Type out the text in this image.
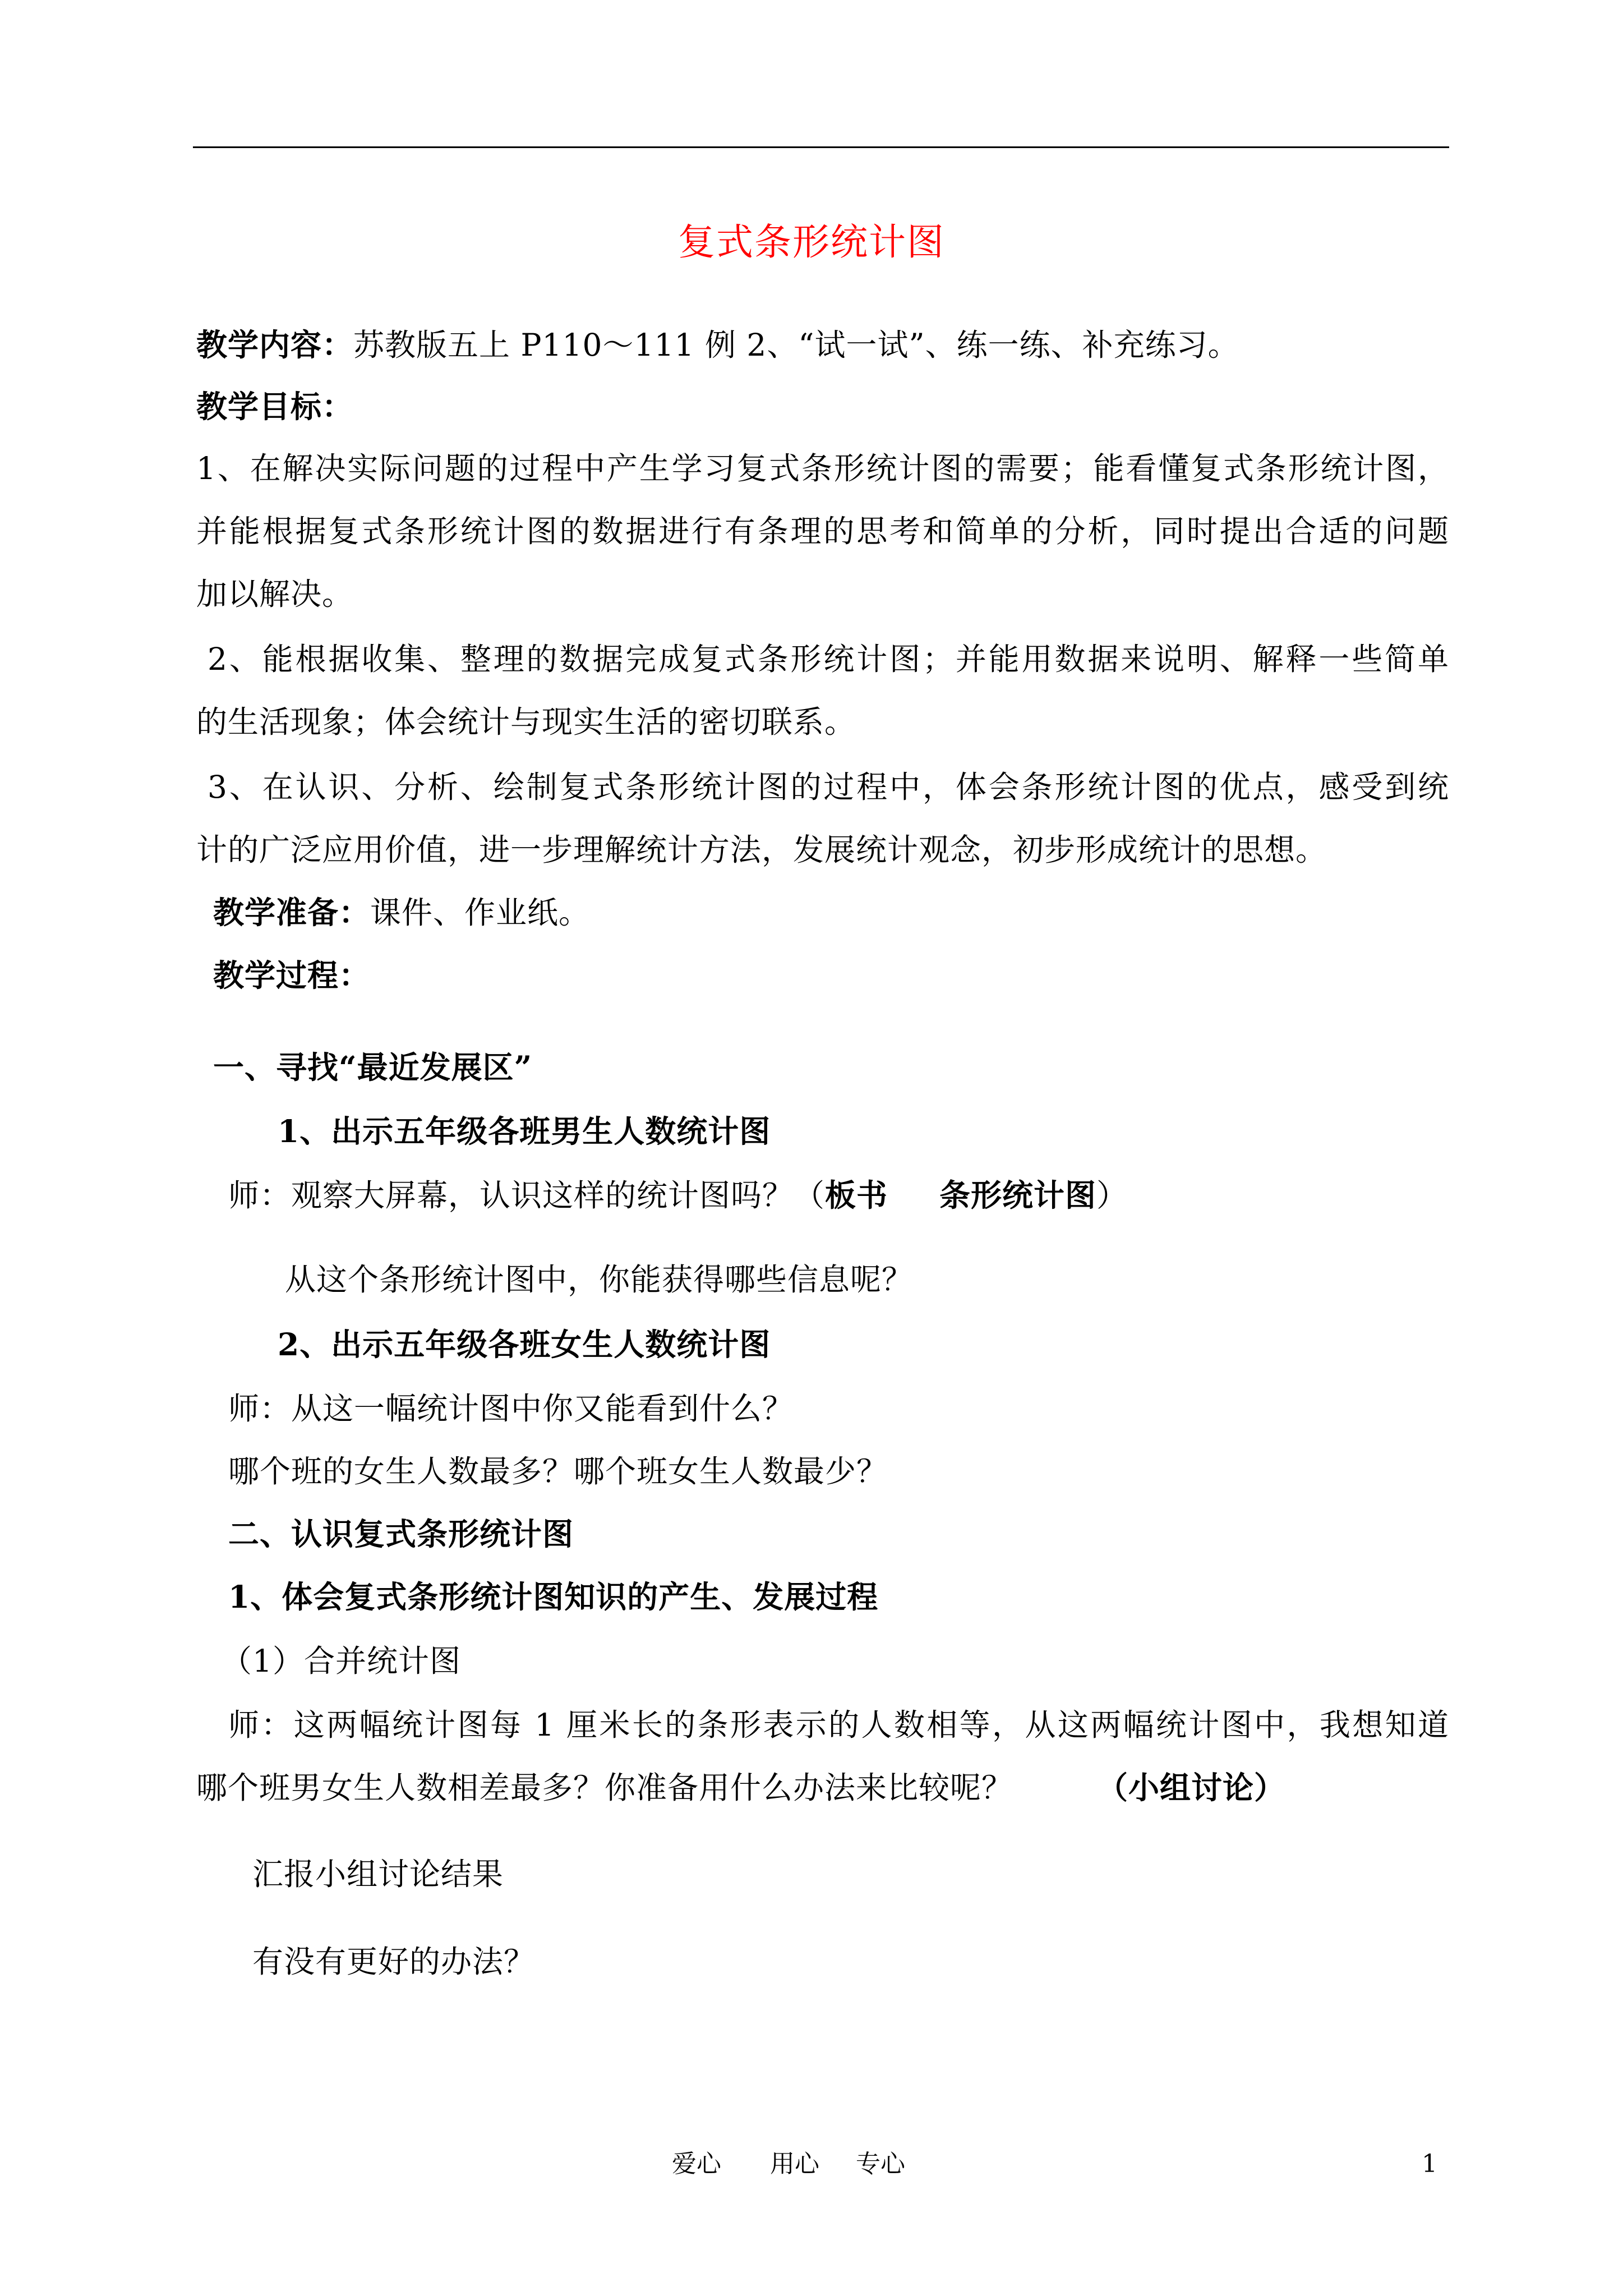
复式条形统计图
教学内容：苏教版五上 P110～111 例 2、“试一试”、练一练、补充练习。
教学目标：
1、在解决实际问题的过程中产生学习复式条形统计图的需要；能看懂复式条形统计图，
并能根据复式条形统计图的数据进行有条理的思考和简单的分析，同时提出合适的问题
加以解决。
2、能根据收集、整理的数据完成复式条形统计图；并能用数据来说明、解释一些简单
的生活现象；体会统计与现实生活的密切联系。
3、在认识、分析、绘制复式条形统计图的过程中，体会条形统计图的优点，感受到统
计的广泛应用价值，进一步理解统计方法，发展统计观念，初步形成统计的思想。
教学准备：课件、作业纸。
教学过程：
一、寻找“最近发展区”
1、出示五年级各班男生人数统计图
师：观察大屏幕，认识这样的统计图吗？（板书 条形统计图）
从这个条形统计图中，你能获得哪些信息呢？
2、出示五年级各班女生人数统计图
师：从这一幅统计图中你又能看到什么？
哪个班的女生人数最多？哪个班女生人数最少？
二、认识复式条形统计图
1、体会复式条形统计图知识的产生、发展过程
（1）合并统计图
师：这两幅统计图每 1 厘米长的条形表示的人数相等，从这两幅统计图中，我想知道
哪个班男女生人数相差最多？你准备用什么办法来比较呢？	（小组讨论）
汇报小组讨论结果
有没有更好的办法？
爱心 用心 专心	1
